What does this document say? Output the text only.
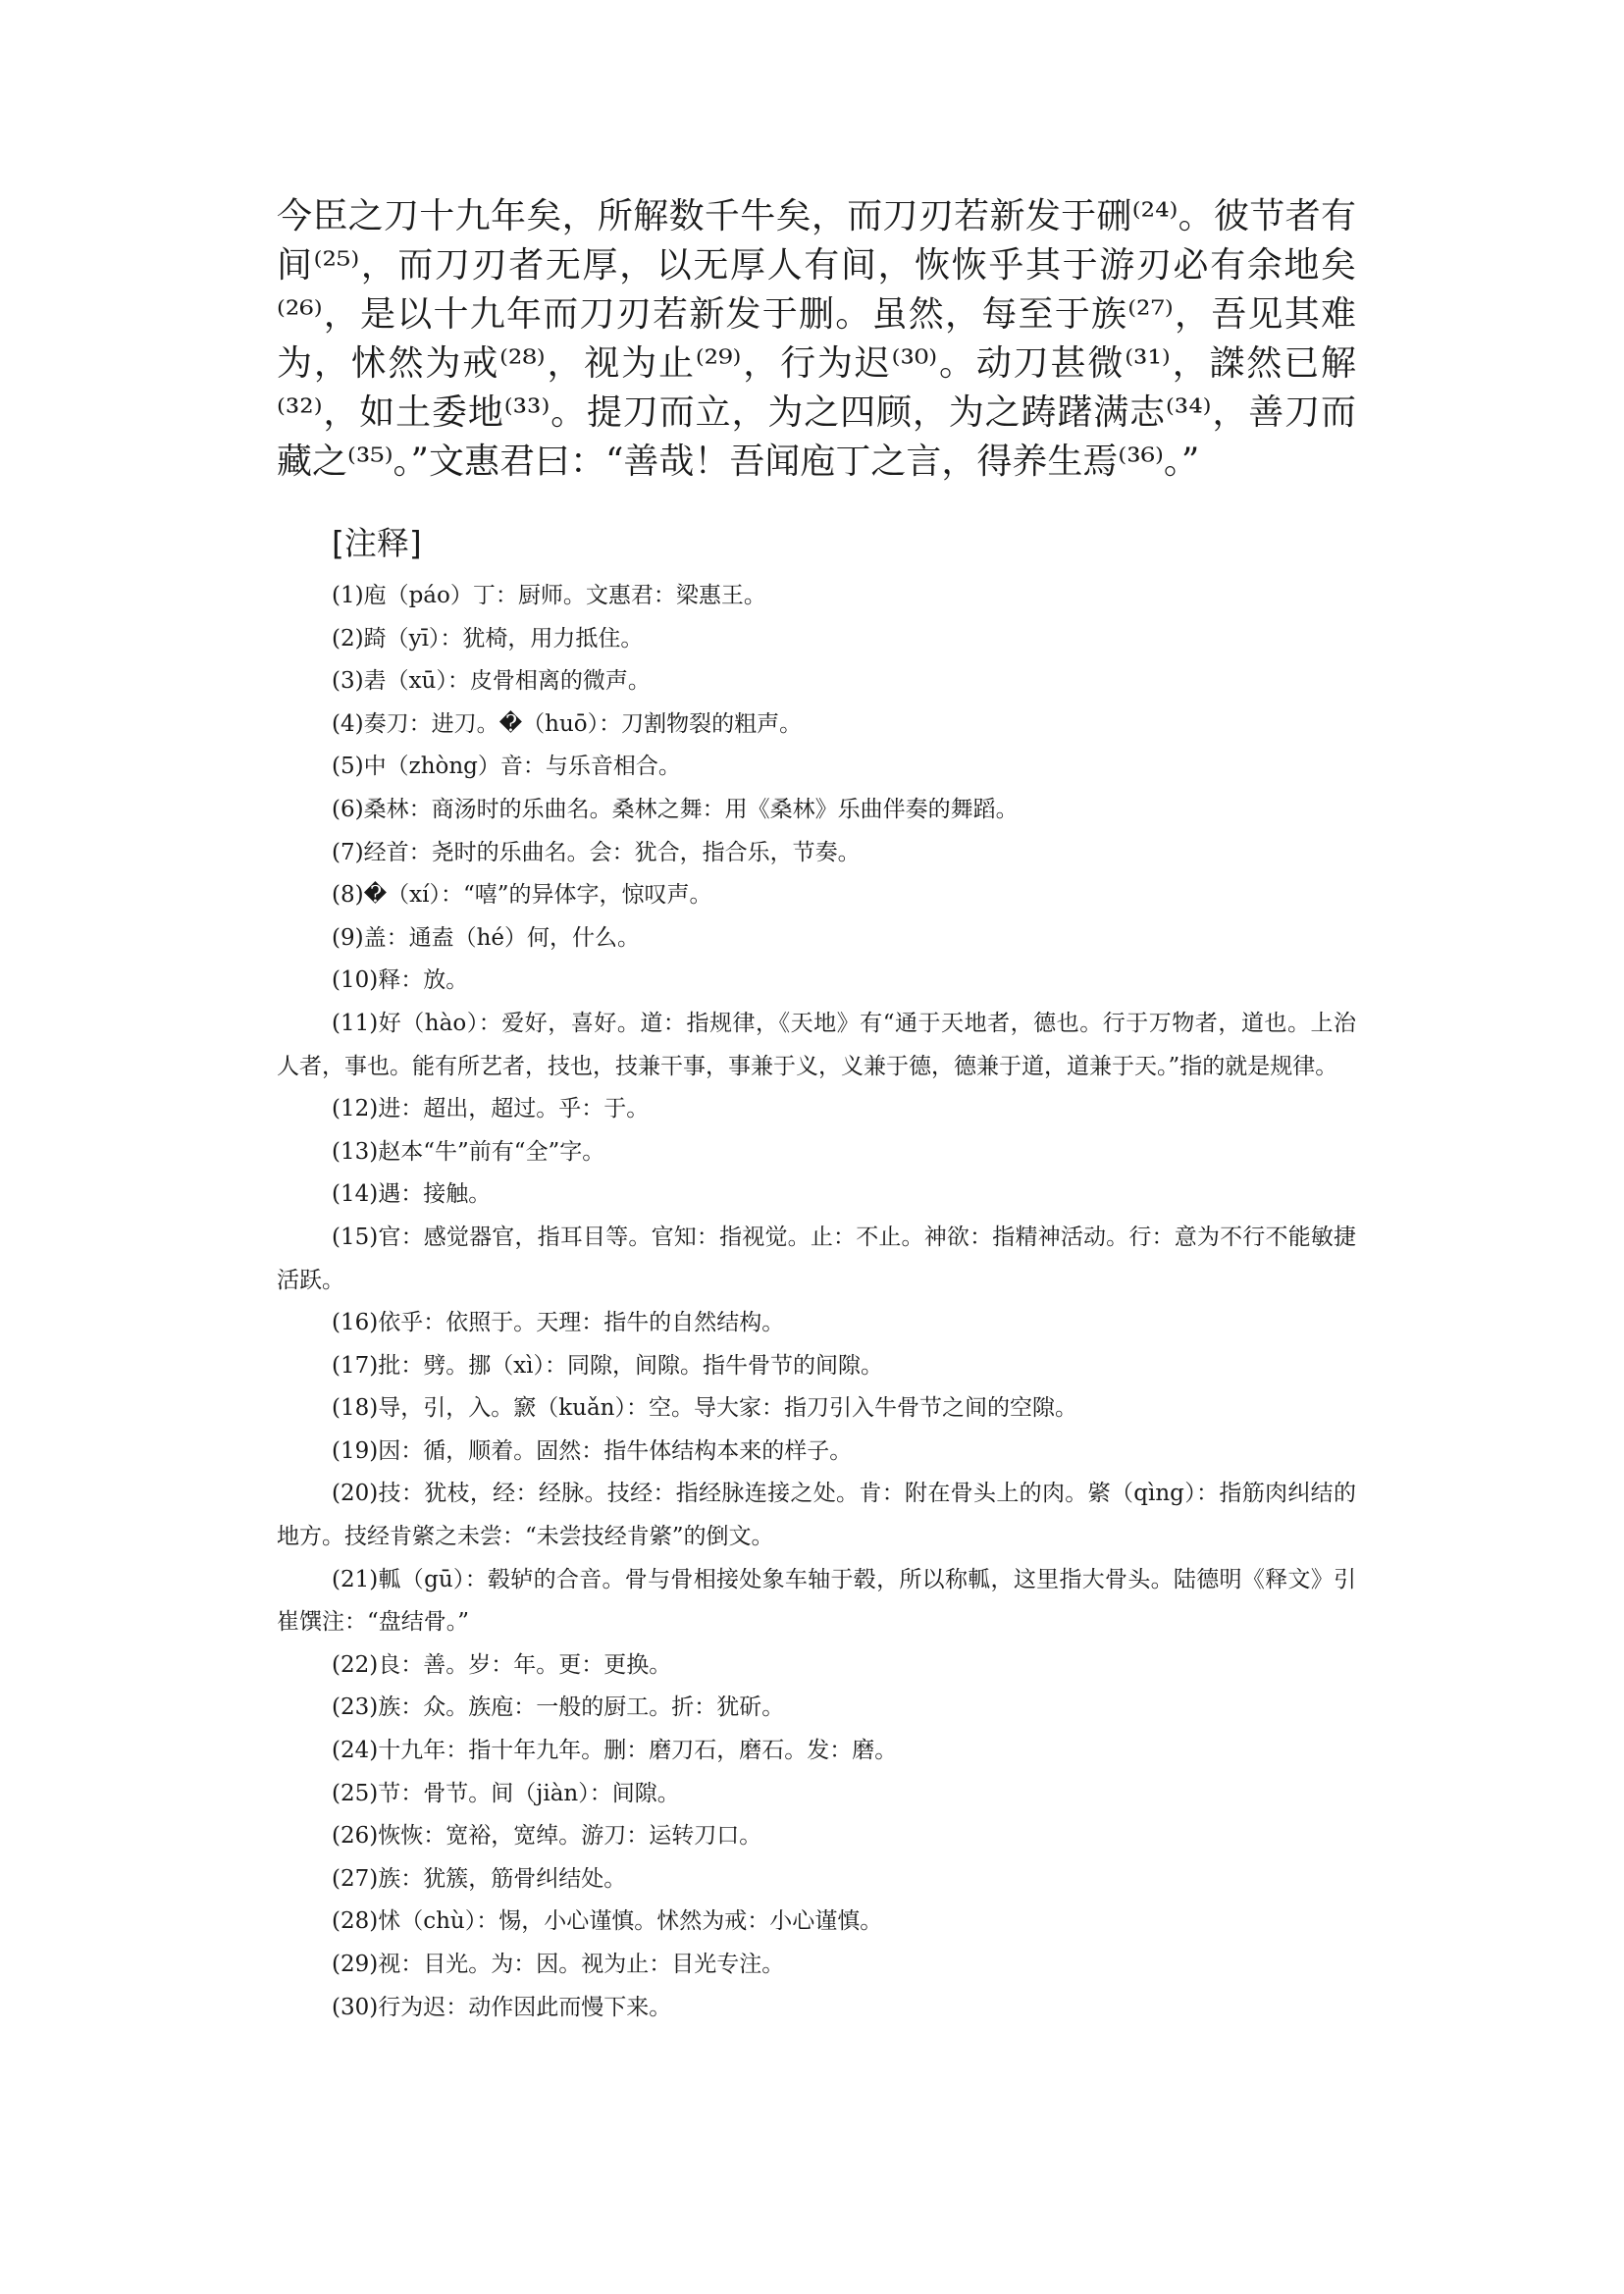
今臣之刀十九年矣，所解数千牛矣，而刀刃若新发于硎⁽²⁴⁾。彼节者有间⁽²⁵⁾，而刀刃者无厚，以无厚人有间，恢恢乎其于游刃必有余地矣⁽²⁶⁾，是以十九年而刀刃若新发于删。虽然，每至于族⁽²⁷⁾，吾见其难为，怵然为戒⁽²⁸⁾，视为止⁽²⁹⁾，行为迟⁽³⁰⁾。动刀甚微⁽³¹⁾，謋然已解⁽³²⁾，如土委地⁽³³⁾。提刀而立，为之四顾，为之踌躇满志⁽³⁴⁾，善刀而藏之⁽³⁵⁾。”文惠君曰：“善哉！吾闻庖丁之言，得养生焉⁽³⁶⁾。”

[注释]
(1)庖（páo）丁：厨师。文惠君：梁惠王。
(2)踦（yī）：犹椅，用力抵住。
(3)砉（xū）：皮骨相离的微声。
(4)奏刀：进刀。�（huō）：刀割物裂的粗声。
(5)中（zhòng）音：与乐音相合。
(6)桑林：商汤时的乐曲名。桑林之舞：用《桑林》乐曲伴奏的舞蹈。
(7)经首：尧时的乐曲名。会：犹合，指合乐，节奏。
(8)�（xí）：“嘻”的异体字，惊叹声。
(9)盖：通盍（hé）何，什么。
(10)释：放。
(11)好（hào）：爱好，喜好。道：指规律，《天地》有“通于天地者，德也。行于万物者，道也。上治人者，事也。能有所艺者，技也，技兼干事，事兼于义，义兼于德，德兼于道，道兼于天。”指的就是规律。
(12)进：超出，超过。乎：于。
(13)赵本“牛”前有“全”字。
(14)遇：接触。
(15)官：感觉器官，指耳目等。官知：指视觉。止：不止。神欲：指精神活动。行：意为不行不能敏捷活跃。
(16)依乎：依照于。天理：指牛的自然结构。
(17)批：劈。挪（xì）：同隙，间隙。指牛骨节的间隙。
(18)导，引，入。窾（kuǎn）：空。导大家：指刀引入牛骨节之间的空隙。
(19)因：循，顺着。固然：指牛体结构本来的样子。
(20)技：犹枝，经：经脉。技经：指经脉连接之处。肯：附在骨头上的肉。綮（qìng）：指筋肉纠结的地方。技经肯綮之未尝：“未尝技经肯綮”的倒文。
(21)軱（gū）：毂轳的合音。骨与骨相接处象车轴于毂，所以称軱，这里指大骨头。陆德明《释文》引崔馔注：“盘结骨。”
(22)良：善。岁：年。更：更换。
(23)族：众。族庖：一般的厨工。折：犹斫。
(24)十九年：指十年九年。删：磨刀石，磨石。发：磨。
(25)节：骨节。间（jiàn）：间隙。
(26)恢恢：宽裕，宽绰。游刀：运转刀口。
(27)族：犹簇，筋骨纠结处。
(28)怵（chù）：惕，小心谨慎。怵然为戒：小心谨慎。
(29)视：目光。为：因。视为止：目光专注。
(30)行为迟：动作因此而慢下来。
